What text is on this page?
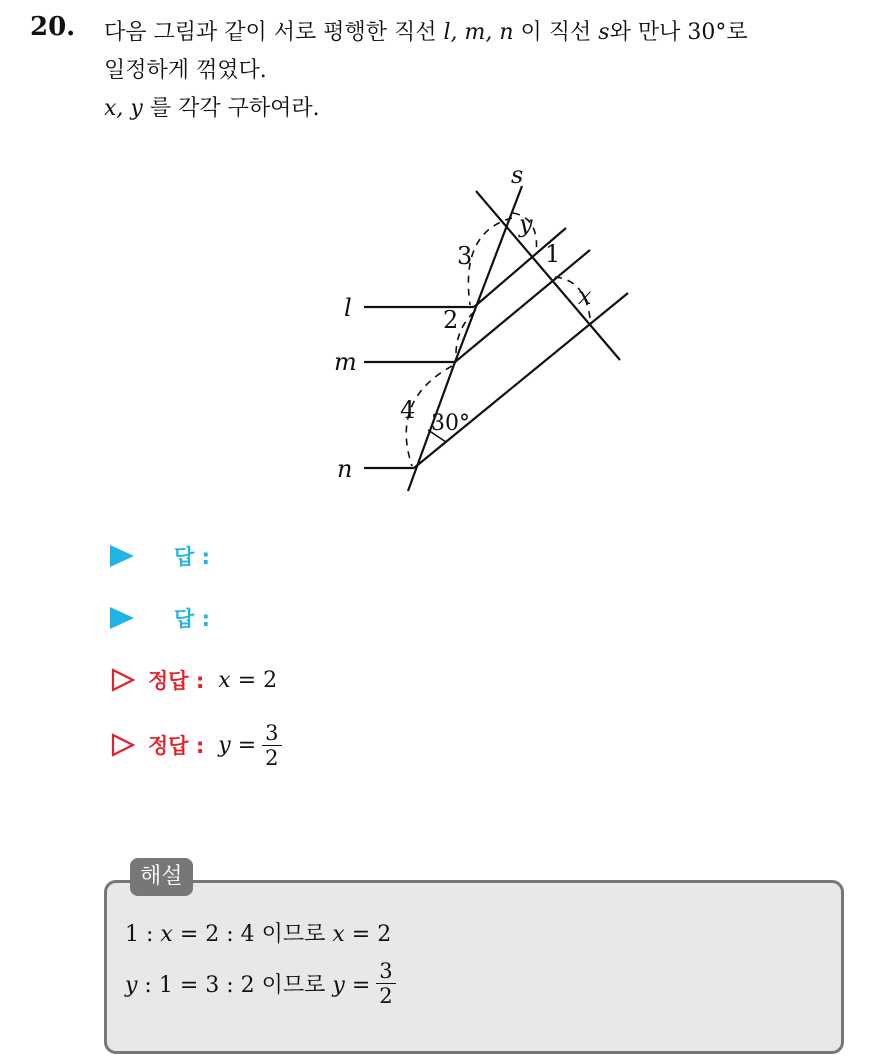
20. 다음 그림과 같이 서로 평행한 직선 l, m, n 이 직선 s와 만나 30°로
일정하게 꺾였다.
x, y 를 각각 구하여라.
s
y
3	1
x
2
4 30°
l
m
n
답 :
답 :
정답 : x = 2
정답 : $y = \frac{3}{2}$
1 : x = 2 : 4 이므로 x = 2
y : 1 = 3 : 2 이므로 $y = \frac{3}{2}$
해설
